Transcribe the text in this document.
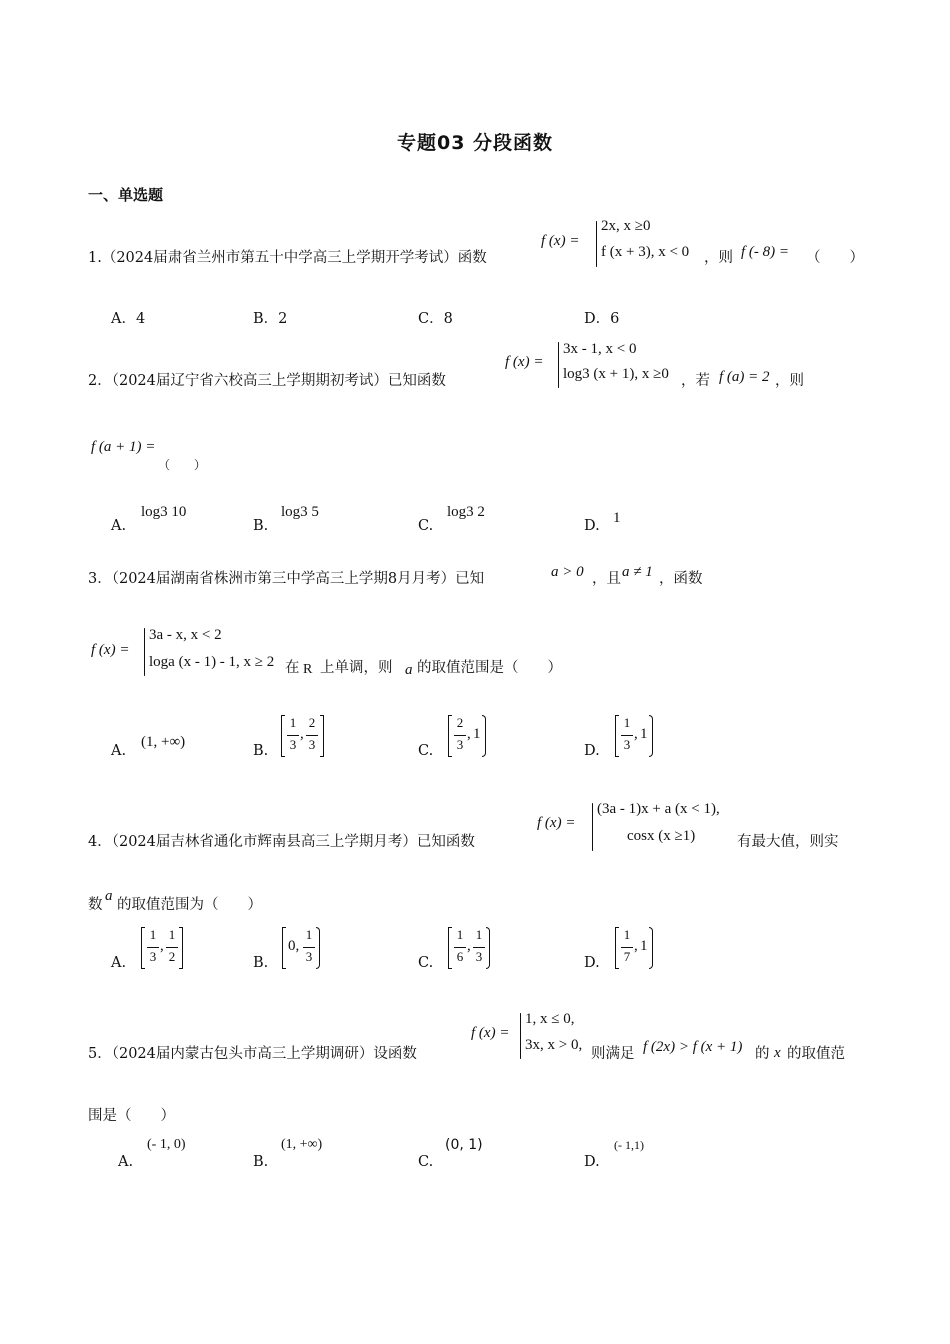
专题03 分段函数
一、单选题
1.（2024届肃省兰州市第五十中学高三上学期开学考试）函数
f (x) =
2x, x ≥0
f (x + 3), x < 0 ，则 f (- 8) = （　　）
A．4	B．2	C．8	D．6
2．（2024届辽宁省六校高三上学期期初考试）已知函数
f (x) =
3x - 1, x < 0
log3 (x + 1), x ≥0 ，若 f (a) = 2 ，则
f (a + 1) =
（　　）
A.
log3 10
B.
log3 5
C.
log3 2
D. 1
3．（2024届湖南省株洲市第三中学高三上学期8月月考）已知	a > 0 ，且 a ≠ 1 ，函数
f (x) =
3a - x, x < 2
loga (x - 1) - 1, x ≥ 2 在 R 上单调，则 a 的取值范围是（　　）
A.
(1, +∞)
B.
1
3
,
2
3	C.
2
3
, 1
D.
1
3
, 1
4．（2024届吉林省通化市辉南县高三上学期月考）已知函数
f (x) =
(3a - 1)x + a (x < 1),
cosx (x ≥1)	有最大值，则实
数
a
的取值范围为（　　）
A.
1
3
,
1
2	B.
0,
1
3	C.
1
6
,
1
3	D.
1
7
, 1
5．（2024届内蒙古包头市高三上学期调研）设函数
f (x) =
1, x ≤ 0,
3x, x > 0,
则满足 f (2x) > f (x + 1) 的 x 的取值范
围是（　　）
A.
(- 1, 0)
B.
(1, +∞)
C.
(0, 1)
D.
(- 1,1)
